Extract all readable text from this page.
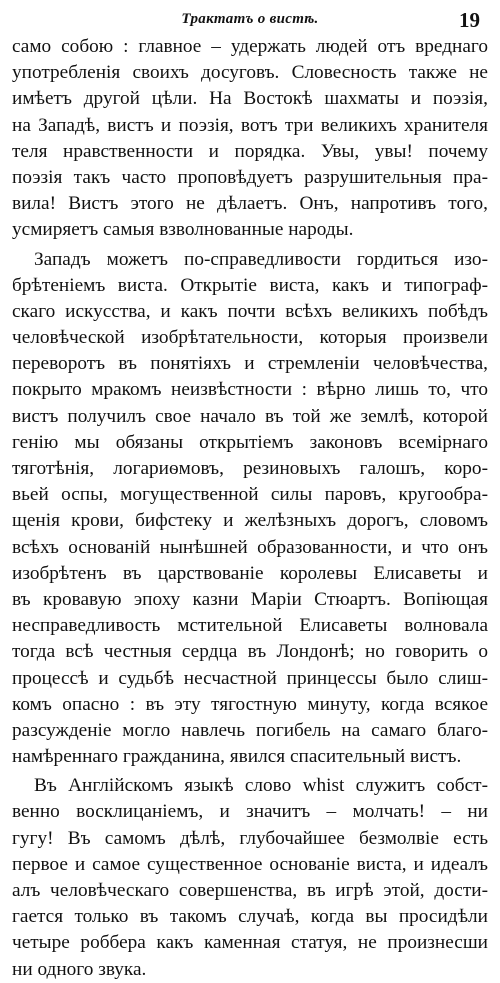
Трактатъ о вистѣ.	19
само собою : главное – удержать людей отъ вреднаго
употребленія своихъ досуговъ. Словесность также не
имѣетъ другой цѣли. На Востокѣ шахматы и поэзія,
на Западѣ, вистъ и поэзія, вотъ три великихъ хранителя
теля нравственности и порядка. Увы, увы! почему
поэзія такъ часто проповѣдуетъ разрушительныя пра-
вила! Вистъ этого не дѣлаетъ. Онъ, напротивъ того,
усмиряетъ самыя взволнованные народы.
Западъ можетъ по-справедливости гордиться изо-
брѣтеніемъ виста. Открытіе виста, какъ и типограф-
скаго искусства, и какъ почти всѣхъ великихъ побѣдъ
человѣческой изобрѣтательности, которыя произвели
переворотъ въ понятіяхъ и стремленіи человѣчества,
покрыто мракомъ неизвѣстности : вѣрно лишь то, что
вистъ получилъ свое начало въ той же землѣ, которой
генію мы обязаны открытіемъ законовъ всемірнаго
тяготѣнія, логариѳмовъ, резиновыхъ галошъ, коро-
вьей оспы, могущественной силы паровъ, кругообра-
щенія крови, бифстеку и желѣзныхъ дорогъ, словомъ
всѣхъ основаній нынѣшней образованности, и что онъ
изобрѣтенъ въ царствованіе королевы Елисаветы и
въ кровавую эпоху казни Маріи Стюартъ. Вопіющая
несправедливость мстительной Елисаветы волновала
тогда всѣ честныя сердца въ Лондонѣ; но говорить о
процессѣ и судьбѣ несчастной принцессы было слиш-
комъ опасно : въ эту тягостную минуту, когда всякое
разсужденіе могло навлечь погибель на самаго благо-
намѣреннаго гражданина, явился спасительный вистъ.
Въ Англійскомъ языкѣ слово whist служитъ собст-
венно восклицаніемъ, и значитъ – молчать! – ни
гугу! Въ самомъ дѣлѣ, глубочайшее безмолвіе есть
первое и самое существенное основаніе виста, и идеалъ
алъ человѣческаго совершенства, въ игрѣ этой, дости-
гается только въ такомъ случаѣ, когда вы просидѣли
четыре роббера какъ каменная статуя, не произнесши
ни одного звука.
